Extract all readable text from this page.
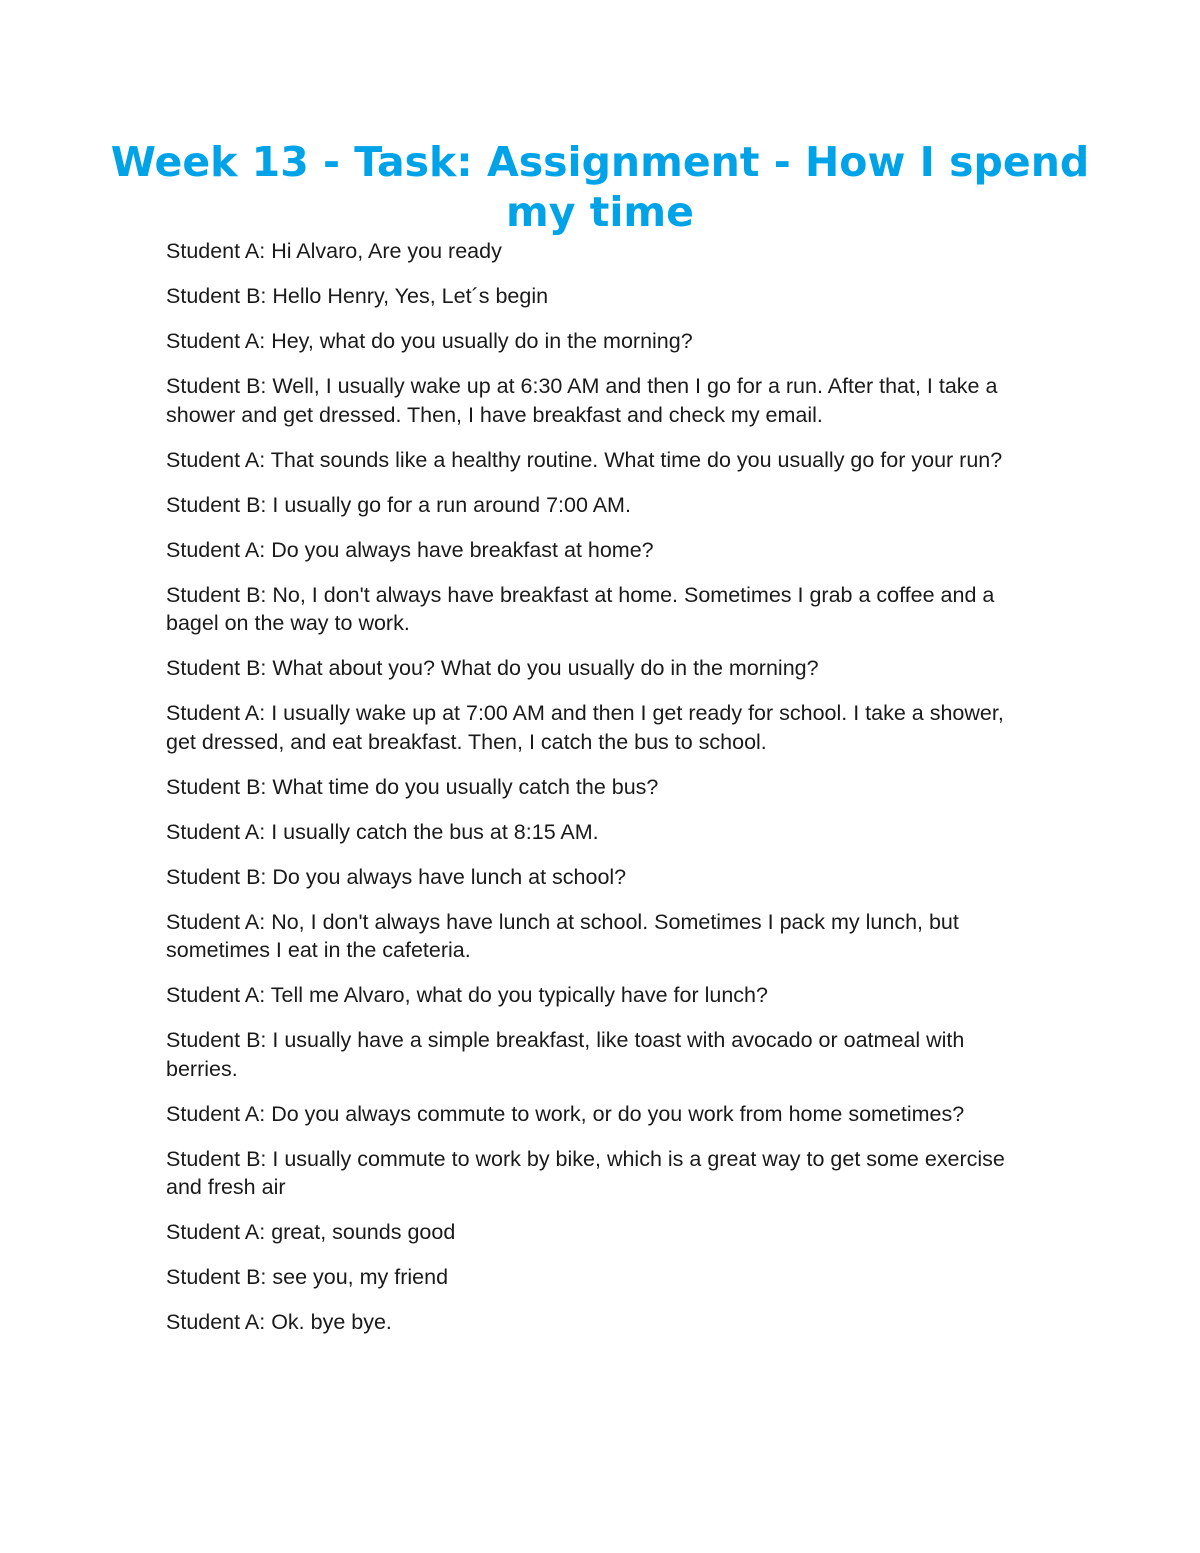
Week 13 - Task: Assignment - How I spend my time
Student A: Hi Alvaro, Are you ready
Student B: Hello Henry, Yes, Let´s begin
Student A: Hey, what do you usually do in the morning?
Student B: Well, I usually wake up at 6:30 AM and then I go for a run. After that, I take a shower and get dressed. Then, I have breakfast and check my email.
Student A: That sounds like a healthy routine. What time do you usually go for your run?
Student B: I usually go for a run around 7:00 AM.
Student A: Do you always have breakfast at home?
Student B: No, I don't always have breakfast at home. Sometimes I grab a coffee and a bagel on the way to work.
Student B: What about you? What do you usually do in the morning?
Student A: I usually wake up at 7:00 AM and then I get ready for school. I take a shower, get dressed, and eat breakfast. Then, I catch the bus to school.
Student B: What time do you usually catch the bus?
Student A: I usually catch the bus at 8:15 AM.
Student B: Do you always have lunch at school?
Student A: No, I don't always have lunch at school. Sometimes I pack my lunch, but sometimes I eat in the cafeteria.
Student A: Tell me Alvaro, what do you typically have for lunch?
Student B: I usually have a simple breakfast, like toast with avocado or oatmeal with berries.
Student A: Do you always commute to work, or do you work from home sometimes?
Student B: I usually commute to work by bike, which is a great way to get some exercise and fresh air
Student A: great, sounds good
Student B: see you, my friend
Student A: Ok. bye bye.
